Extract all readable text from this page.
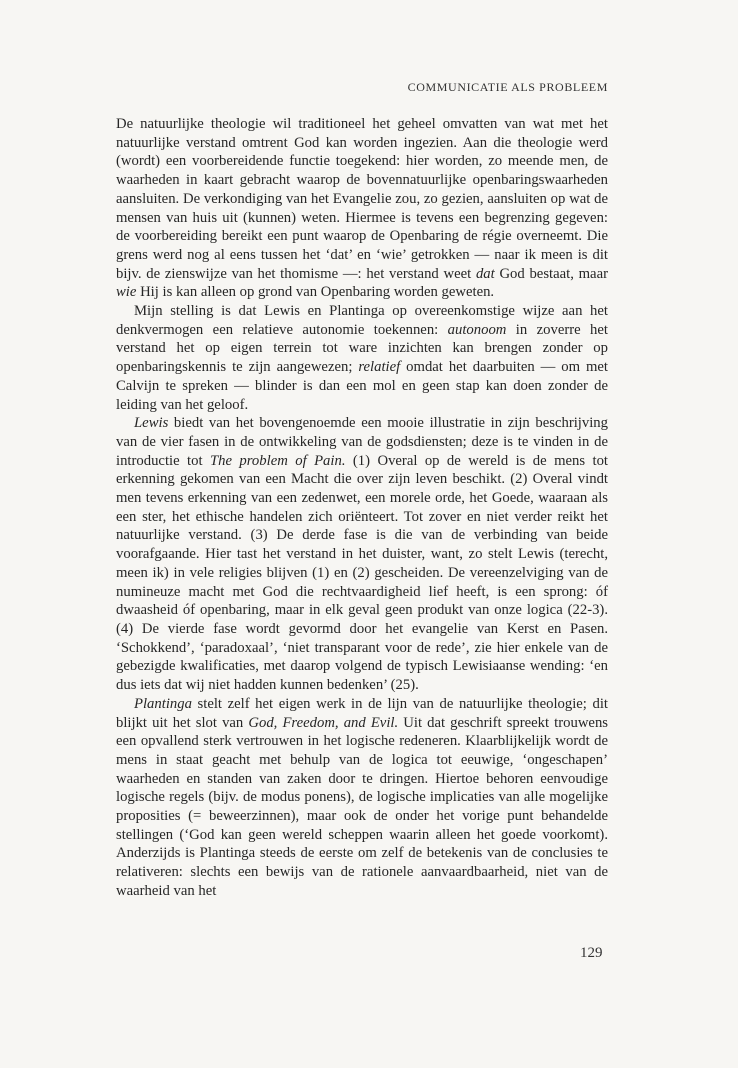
COMMUNICATIE ALS PROBLEEM

De natuurlijke theologie wil traditioneel het geheel omvatten van wat met het natuurlijke verstand omtrent God kan worden ingezien. Aan die theologie werd (wordt) een voorbereidende functie toegekend: hier worden, zo meende men, de waarheden in kaart gebracht waarop de bovennatuurlijke openbaringswaarheden aansluiten. De verkondiging van het Evangelie zou, zo gezien, aansluiten op wat de mensen van huis uit (kunnen) weten. Hiermee is tevens een begrenzing gegeven: de voorbereiding bereikt een punt waarop de Openbaring de régie overneemt. Die grens werd nog al eens tussen het ‘dat’ en ‘wie’ getrokken — naar ik meen is dit bijv. de zienswijze van het thomisme —: het verstand weet dat God bestaat, maar wie Hij is kan alleen op grond van Openbaring worden geweten.

Mijn stelling is dat Lewis en Plantinga op overeenkomstige wijze aan het denkvermogen een relatieve autonomie toekennen: autonoom in zoverre het verstand het op eigen terrein tot ware inzichten kan brengen zonder op openbaringskennis te zijn aangewezen; relatief omdat het daarbuiten — om met Calvijn te spreken — blinder is dan een mol en geen stap kan doen zonder de leiding van het geloof.

Lewis biedt van het bovengenoemde een mooie illustratie in zijn beschrijving van de vier fasen in de ontwikkeling van de godsdiensten; deze is te vinden in de introductie tot The problem of Pain. (1) Overal op de wereld is de mens tot erkenning gekomen van een Macht die over zijn leven beschikt. (2) Overal vindt men tevens erkenning van een zedenwet, een morele orde, het Goede, waaraan als een ster, het ethische handelen zich oriënteert. Tot zover en niet verder reikt het natuurlijke verstand. (3) De derde fase is die van de verbinding van beide voorafgaande. Hier tast het verstand in het duister, want, zo stelt Lewis (terecht, meen ik) in vele religies blijven (1) en (2) gescheiden. De vereenzelviging van de numineuze macht met God die rechtvaardigheid lief heeft, is een sprong: óf dwaasheid óf openbaring, maar in elk geval geen produkt van onze logica (22-3). (4) De vierde fase wordt gevormd door het evangelie van Kerst en Pasen. ‘Schokkend’, ‘paradoxaal’, ‘niet transparant voor de rede’, zie hier enkele van de gebezigde kwalificaties, met daarop volgend de typisch Lewisiaanse wending: ‘en dus iets dat wij niet hadden kunnen bedenken’ (25).

Plantinga stelt zelf het eigen werk in de lijn van de natuurlijke theologie; dit blijkt uit het slot van God, Freedom, and Evil. Uit dat geschrift spreekt trouwens een opvallend sterk vertrouwen in het logische redeneren. Klaarblijkelijk wordt de mens in staat geacht met behulp van de logica tot eeuwige, ‘ongeschapen’ waarheden en standen van zaken door te dringen. Hiertoe behoren eenvoudige logische regels (bijv. de modus ponens), de logische implicaties van alle mogelijke proposities (= beweerzinnen), maar ook de onder het vorige punt behandelde stellingen (‘God kan geen wereld scheppen waarin alleen het goede voorkomt). Anderzijds is Plantinga steeds de eerste om zelf de betekenis van de conclusies te relativeren: slechts een bewijs van de rationele aanvaardbaarheid, niet van de waarheid van het

129
